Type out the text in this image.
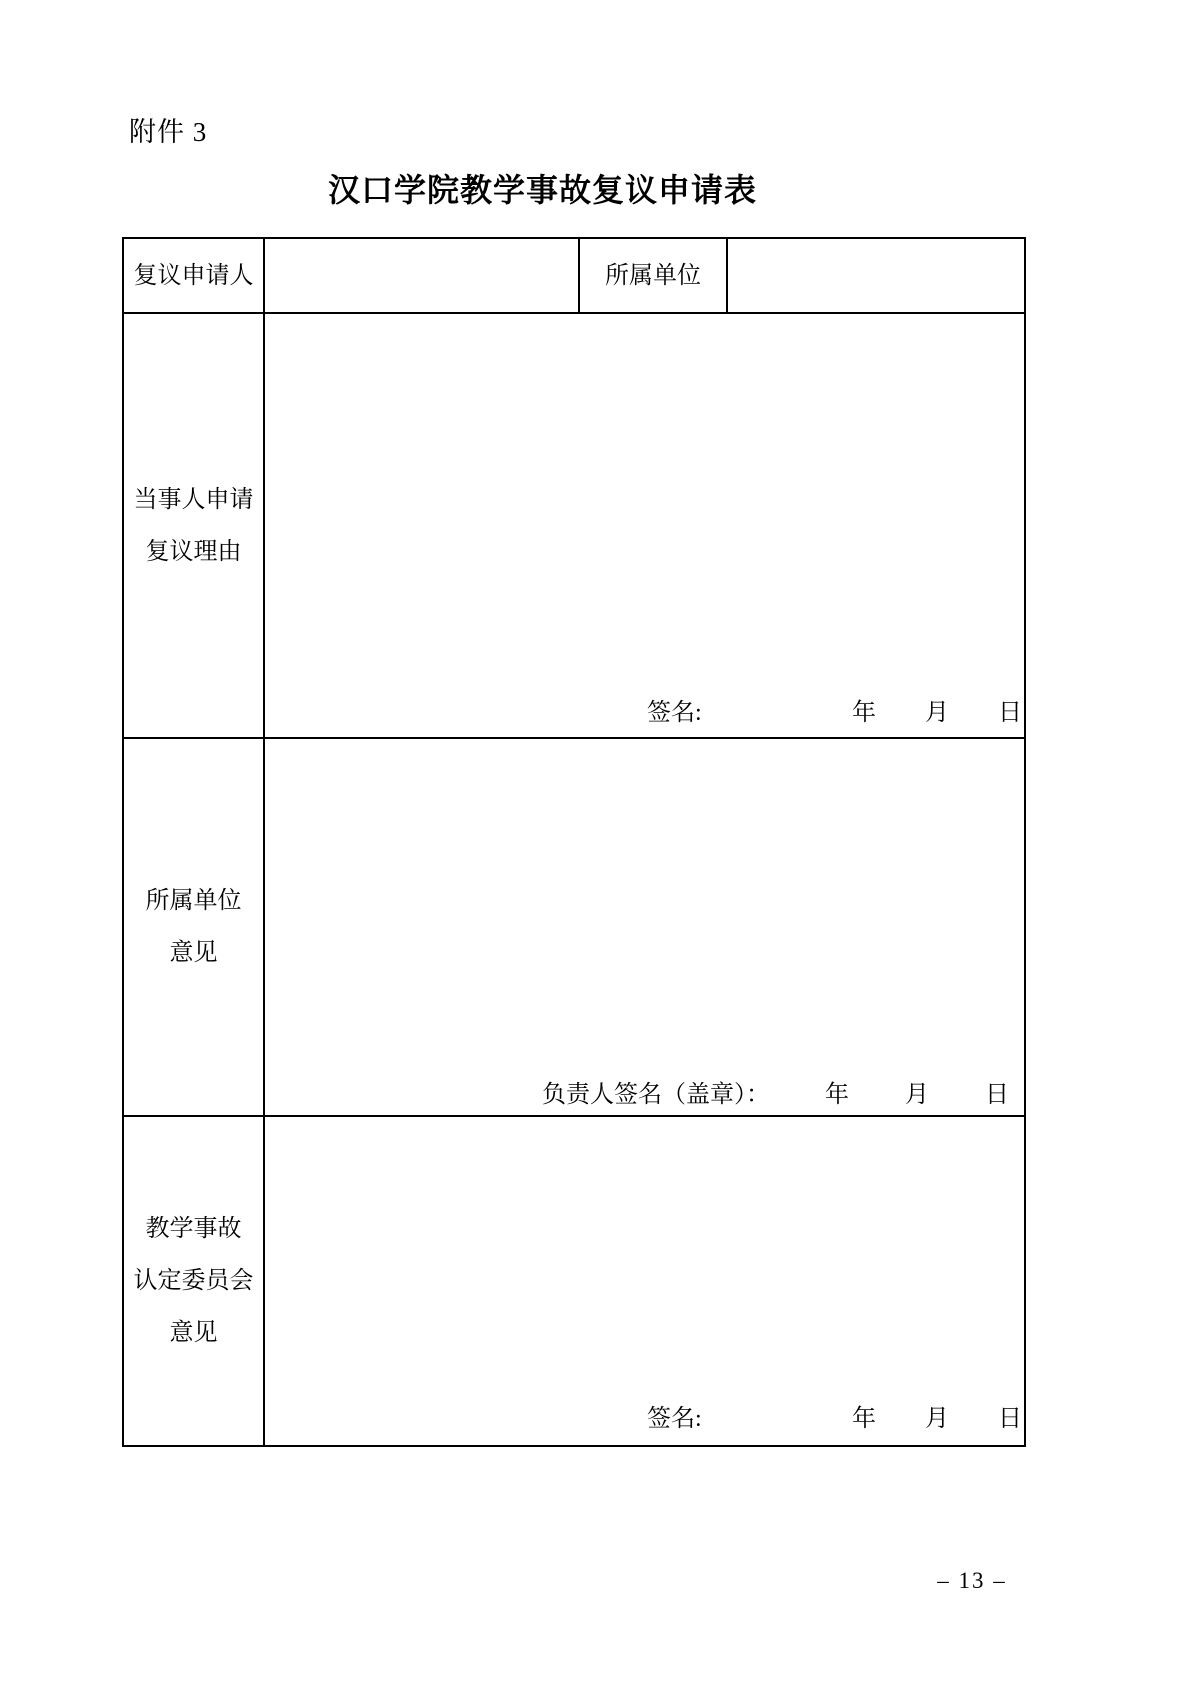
附件 3
汉口学院教学事故复议申请表
复议申请人		所属单位	

当事人申请
复议理由

签名:	年 月 日

所属单位
意见

负责人签名（盖章）： 年 月 日

教学事故
认定委员会
意见

签名:	年 月 日
– 13 –
